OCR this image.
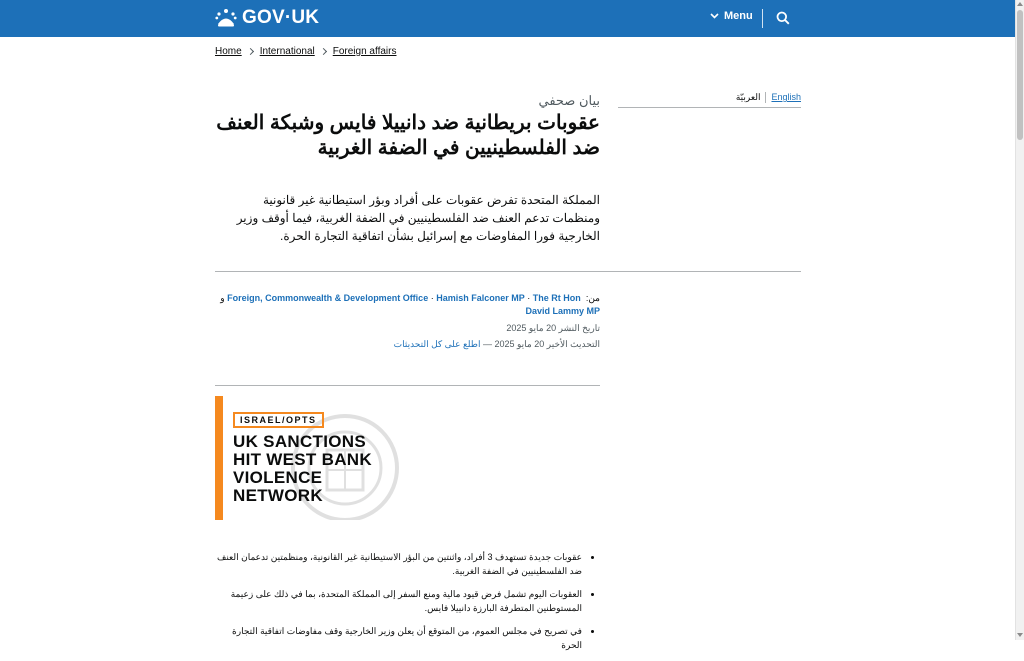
GOV·UK	Menu
Home International Foreign affairs
العربيّة English
بيان صحفي
عقوبات بريطانية ضد دانييلا فايس وشبكة العنف ضد الفلسطينيين في الضفة الغربية

المملكة المتحدة تفرض عقوبات على أفراد وبؤر استيطانية غير قانونية ومنظمات تدعم العنف ضد الفلسطينيين في الضفة الغربية، فيما أوقف وزير الخارجية فورا المفاوضات مع إسرائيل بشأن اتفاقية التجارة الحرة.

من:  Foreign, Commonwealth & Development Office · Hamish Falconer MP · The Rt Hon و David Lammy MP
تاريخ النشر 20 مايو 2025
التحديث الأخير 20 مايو 2025 — اطلع على كل التحديثات
ISRAEL/OPTS
UK SANCTIONS
HIT WEST BANK
VIOLENCE
NETWORK
• عقوبات جديدة تستهدف 3 أفراد، واثنتين من البؤر الاستيطانية غير القانونية، ومنظمتين تدعمان العنف ضد الفلسطينيين في الضفة الغربية.
• العقوبات اليوم تشمل فرض قيود مالية ومنع السفر إلى المملكة المتحدة، بما في ذلك على زعيمة المستوطنين المتطرفة البارزة دانييلا فايس.
• في تصريح في مجلس العموم، من المتوقع أن يعلن وزير الخارجية وقف مفاوضات اتفاقية التجارة الحرة
